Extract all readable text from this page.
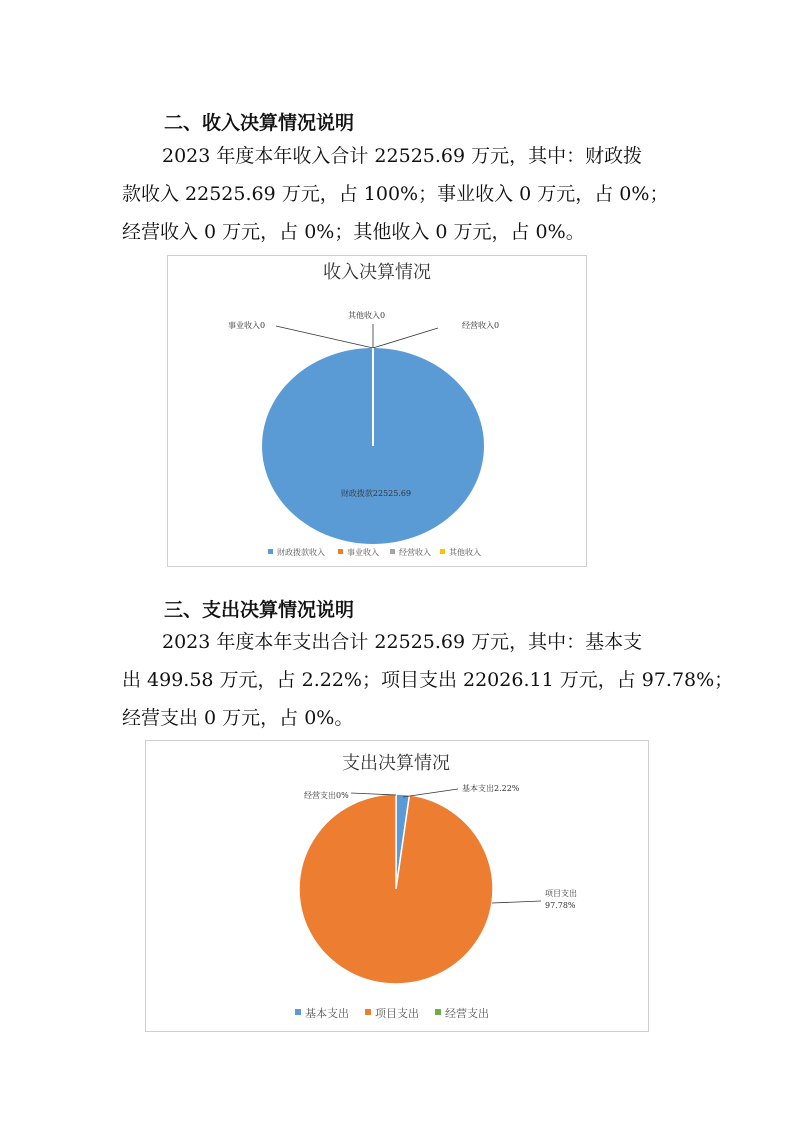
二、收入决算情况说明
2023 年度本年收入合计 22525.69 万元，其中：财政拨
款收入 22525.69 万元，占 100%；事业收入 0 万元，占 0%；
经营收入 0 万元，占 0%；其他收入 0 万元，占 0%。
收入决算情况
事业收入0
其他收入0
经营收入0
财政拨款22525.69
财政拨款收入	事业收入	经营收入 其他收入
三、支出决算情况说明
2023 年度本年支出合计 22525.69 万元，其中：基本支
出 499.58 万元，占 2.22%；项目支出 22026.11 万元，占 97.78%；
经营支出 0 万元，占 0%。
支出决算情况
基本支出2.22%
经营支出0%
项目支出
97.78%
基本支出 项目支出 经营支出
